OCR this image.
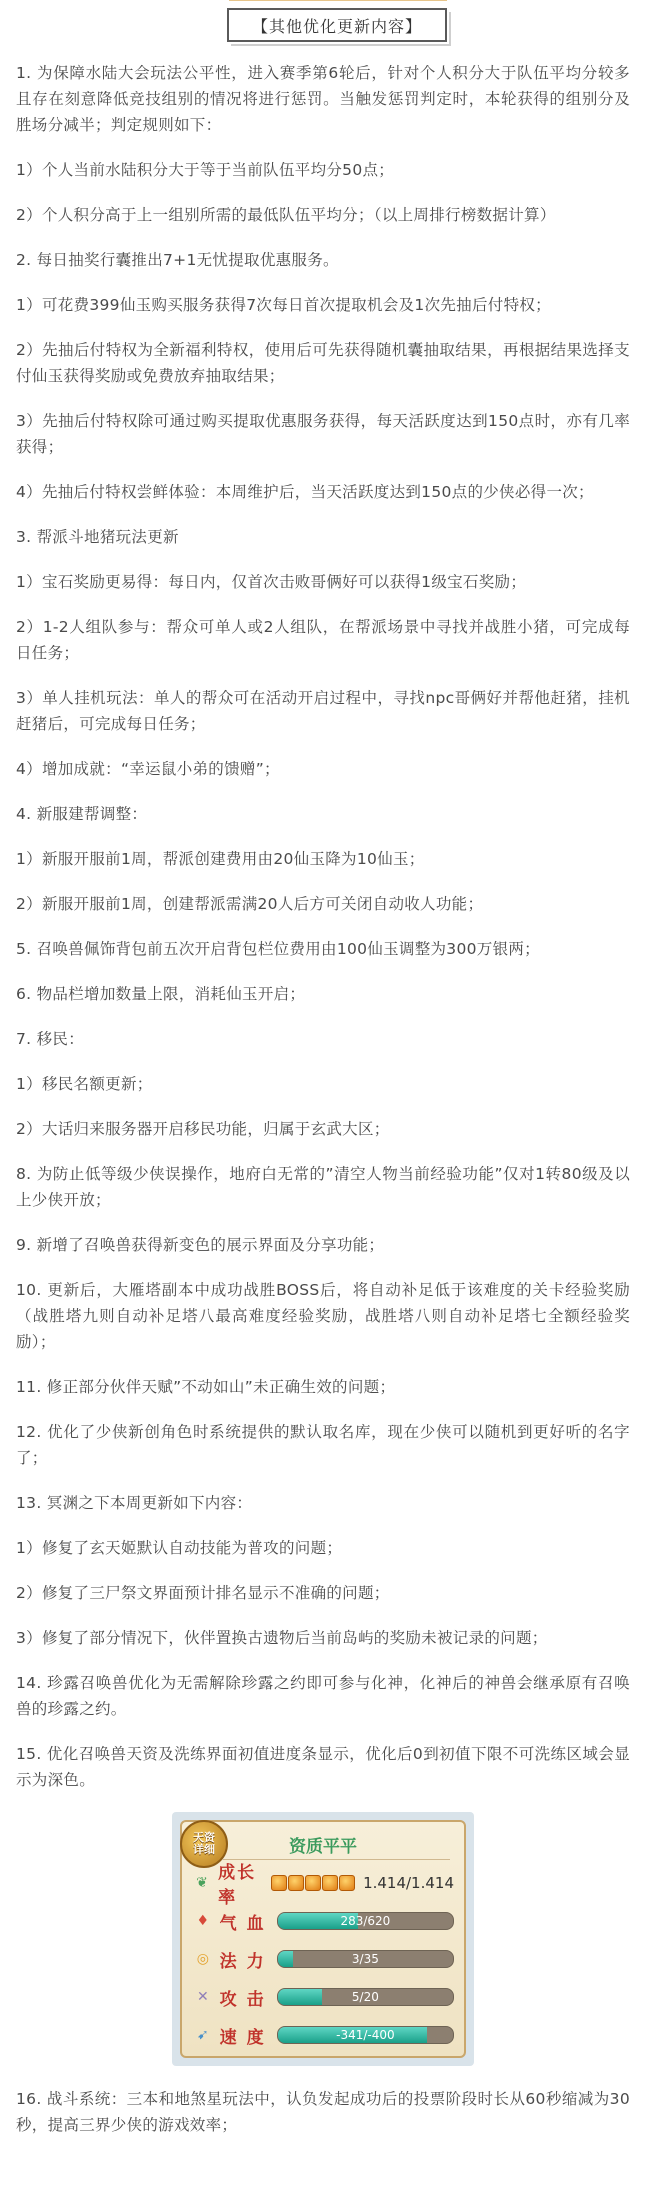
【其他优化更新内容】

1. 为保障水陆大会玩法公平性，进入赛季第6轮后，针对个人积分大于队伍平均分较多且存在刻意降低竞技组别的情况将进行惩罚。当触发惩罚判定时，本轮获得的组别分及胜场分减半；判定规则如下：

1）个人当前水陆积分大于等于当前队伍平均分50点；

2）个人积分高于上一组别所需的最低队伍平均分；（以上周排行榜数据计算）

2. 每日抽奖行囊推出7+1无忧提取优惠服务。

1）可花费399仙玉购买服务获得7次每日首次提取机会及1次先抽后付特权；

2）先抽后付特权为全新福利特权，使用后可先获得随机囊抽取结果，再根据结果选择支付仙玉获得奖励或免费放弃抽取结果；

3）先抽后付特权除可通过购买提取优惠服务获得，每天活跃度达到150点时，亦有几率获得；

4）先抽后付特权尝鲜体验：本周维护后，当天活跃度达到150点的少侠必得一次；

3. 帮派斗地猪玩法更新

1）宝石奖励更易得：每日内，仅首次击败哥俩好可以获得1级宝石奖励；

2）1-2人组队参与：帮众可单人或2人组队，在帮派场景中寻找并战胜小猪，可完成每日任务；

3）单人挂机玩法：单人的帮众可在活动开启过程中，寻找npc哥俩好并帮他赶猪，挂机赶猪后，可完成每日任务；

4）增加成就：“幸运鼠小弟的馈赠”；

4. 新服建帮调整：

1）新服开服前1周，帮派创建费用由20仙玉降为10仙玉；

2）新服开服前1周，创建帮派需满20人后方可关闭自动收人功能；

5. 召唤兽佩饰背包前五次开启背包栏位费用由100仙玉调整为300万银两；

6. 物品栏增加数量上限，消耗仙玉开启；

7. 移民：

1）移民名额更新；

2）大话归来服务器开启移民功能，归属于玄武大区；

8. 为防止低等级少侠误操作，地府白无常的”清空人物当前经验功能”仅对1转80级及以上少侠开放；

9. 新增了召唤兽获得新变色的展示界面及分享功能；

10. 更新后，大雁塔副本中成功战胜BOSS后，将自动补足低于该难度的关卡经验奖励（战胜塔九则自动补足塔八最高难度经验奖励，战胜塔八则自动补足塔七全额经验奖励）；

11. 修正部分伙伴天赋”不动如山”未正确生效的问题；

12. 优化了少侠新创角色时系统提供的默认取名库，现在少侠可以随机到更好听的名字了；

13. 冥渊之下本周更新如下内容：

1）修复了玄天姬默认自动技能为普攻的问题；

2）修复了三尸祭文界面预计排名显示不准确的问题；

3）修复了部分情况下，伙伴置换古遗物后当前岛屿的奖励未被记录的问题；

14. 珍露召唤兽优化为无需解除珍露之约即可参与化神，化神后的神兽会继承原有召唤兽的珍露之约。

15. 优化召唤兽天资及洗练界面初值进度条显示，优化后0到初值下限不可洗练区域会显示为深色。

天资
详细	资质平平
❦ 成长率
1.414/1.414
♦ 气 血	283/620
◎ 法 力	3/35
✕ 攻 击	5/20
➹ 速 度	-341/-400

16. 战斗系统：三本和地煞星玩法中，认负发起成功后的投票阶段时长从60秒缩减为30秒，提高三界少侠的游戏效率；
